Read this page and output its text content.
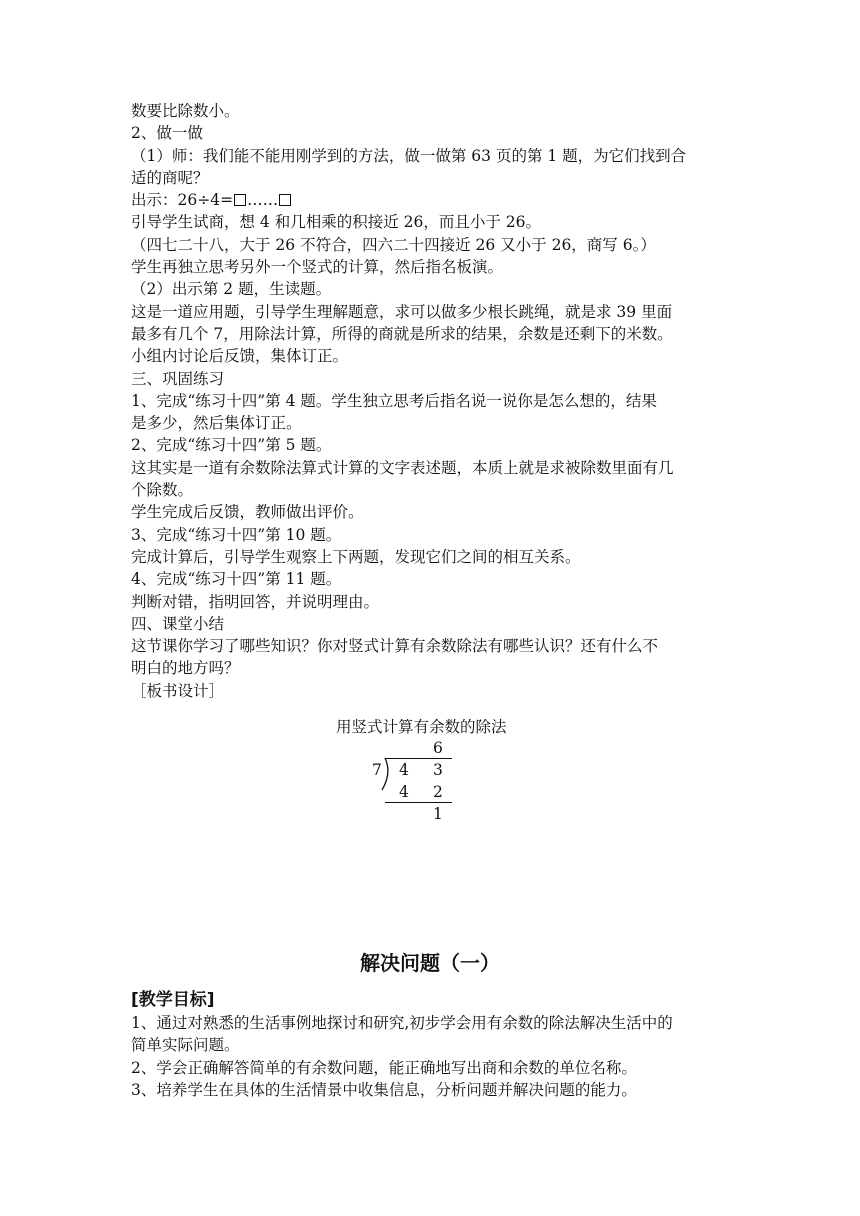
数要比除数小。
2、做一做
（1）师：我们能不能用刚学到的方法，做一做第 63 页的第 1 题，为它们找到合
适的商呢？
出示：26÷4= ……
引导学生试商，想 4 和几相乘的积接近 26，而且小于 26。
（四七二十八，大于 26 不符合，四六二十四接近 26 又小于 26，商写 6。）
学生再独立思考另外一个竖式的计算，然后指名板演。
（2）出示第 2 题，生读题。
这是一道应用题，引导学生理解题意，求可以做多少根长跳绳，就是求 39 里面
最多有几个 7，用除法计算，所得的商就是所求的结果，余数是还剩下的米数。
小组内讨论后反馈，集体订正。
三、巩固练习
1、完成“练习十四”第 4 题。学生独立思考后指名说一说你是怎么想的，结果
是多少，然后集体订正。
2、完成“练习十四”第 5 题。
这其实是一道有余数除法算式计算的文字表述题，本质上就是求被除数里面有几
个除数。
学生完成后反馈，教师做出评价。
3、完成“练习十四”第 10 题。
完成计算后，引导学生观察上下两题，发现它们之间的相互关系。
4、完成“练习十四”第 11 题。
判断对错，指明回答，并说明理由。
四、课堂小结
这节课你学习了哪些知识？你对竖式计算有余数除法有哪些认识？还有什么不
明白的地方吗？
［板书设计］
用竖式计算有余数的除法
6
7 4 3
4 2
1
解决问题（一）
[教学目标]
1、通过对熟悉的生活事例地探讨和研究,初步学会用有余数的除法解决生活中的
简单实际问题。
2、学会正确解答简单的有余数问题，能正确地写出商和余数的单位名称。
3、培养学生在具体的生活情景中收集信息，分析问题并解决问题的能力。
